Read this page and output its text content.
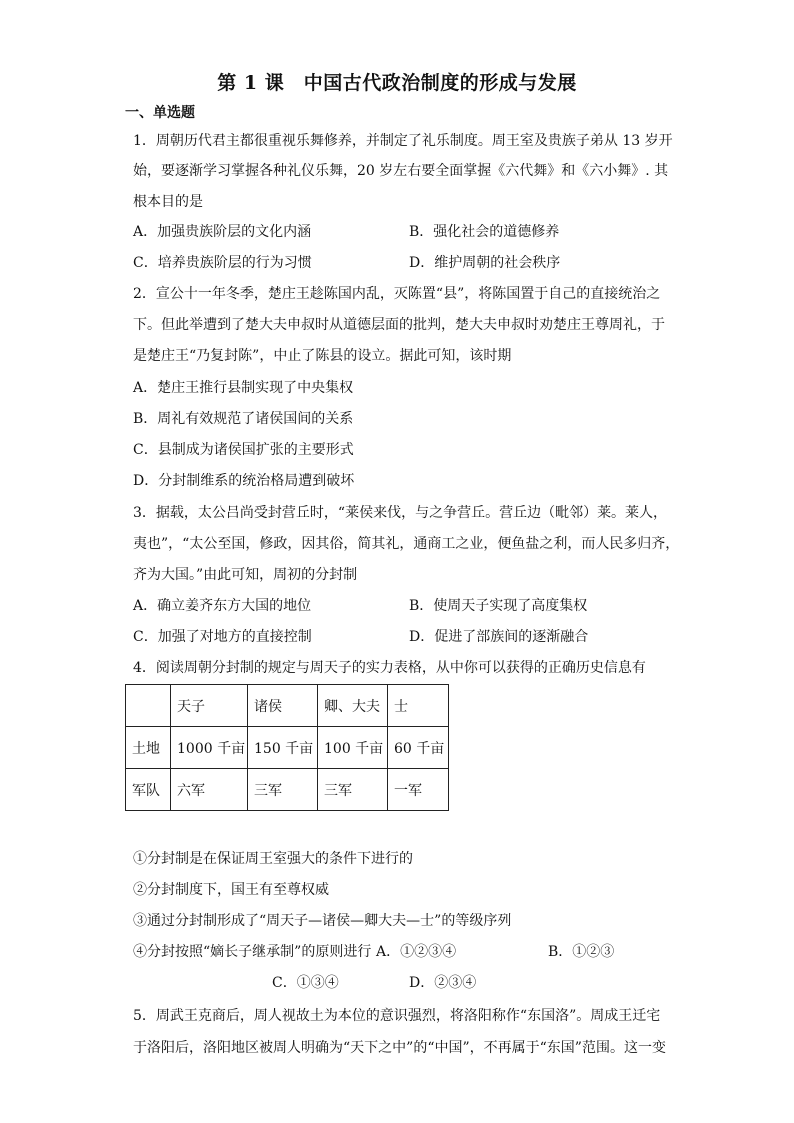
第 1 课　中国古代政治制度的形成与发展
一、单选题
1．周朝历代君主都很重视乐舞修养，并制定了礼乐制度。周王室及贵族子弟从 13 岁开
始，要逐渐学习掌握各种礼仪乐舞，20 岁左右要全面掌握《六代舞》和《六小舞》. 其
根本目的是
A．加强贵族阶层的文化内涵	B．强化社会的道德修养
C．培养贵族阶层的行为习惯	D．维护周朝的社会秩序
2．宣公十一年冬季，楚庄王趁陈国内乱，灭陈置“县”，将陈国置于自己的直接统治之
下。但此举遭到了楚大夫申叔时从道德层面的批判，楚大夫申叔时劝楚庄王尊周礼，于
是楚庄王“乃复封陈”，中止了陈县的设立。据此可知，该时期
A．楚庄王推行县制实现了中央集权
B．周礼有效规范了诸侯国间的关系
C．县制成为诸侯国扩张的主要形式
D．分封制维系的统治格局遭到破坏
3．据载，太公吕尚受封营丘时，“莱侯来伐，与之争营丘。营丘边（毗邻）莱。莱人，
夷也”，“太公至国，修政，因其俗，简其礼，通商工之业，便鱼盐之利，而人民多归齐，
齐为大国。”由此可知，周初的分封制
A．确立姜齐东方大国的地位	B．使周天子实现了高度集权
C．加强了对地方的直接控制	D．促进了部族间的逐渐融合
4．阅读周朝分封制的规定与周天子的实力表格，从中你可以获得的正确历史信息有
	天子	诸侯	卿、大夫	士
土地	1000 千亩	150 千亩	100 千亩	60 千亩
军队	六军	三军	三军	一军
①分封制是在保证周王室强大的条件下进行的
②分封制度下，国王有至尊权威
③通过分封制形成了“周天子—诸侯—卿大夫—士”的等级序列
④分封按照“嫡长子继承制”的原则进行 A．①②③④	B．①②③
C．①③④	D．②③④
5．周武王克商后，周人视故土为本位的意识强烈，将洛阳称作“东国洛”。周成王迁宅
于洛阳后，洛阳地区被周人明确为“天下之中”的“中国”，不再属于“东国”范围。这一变
